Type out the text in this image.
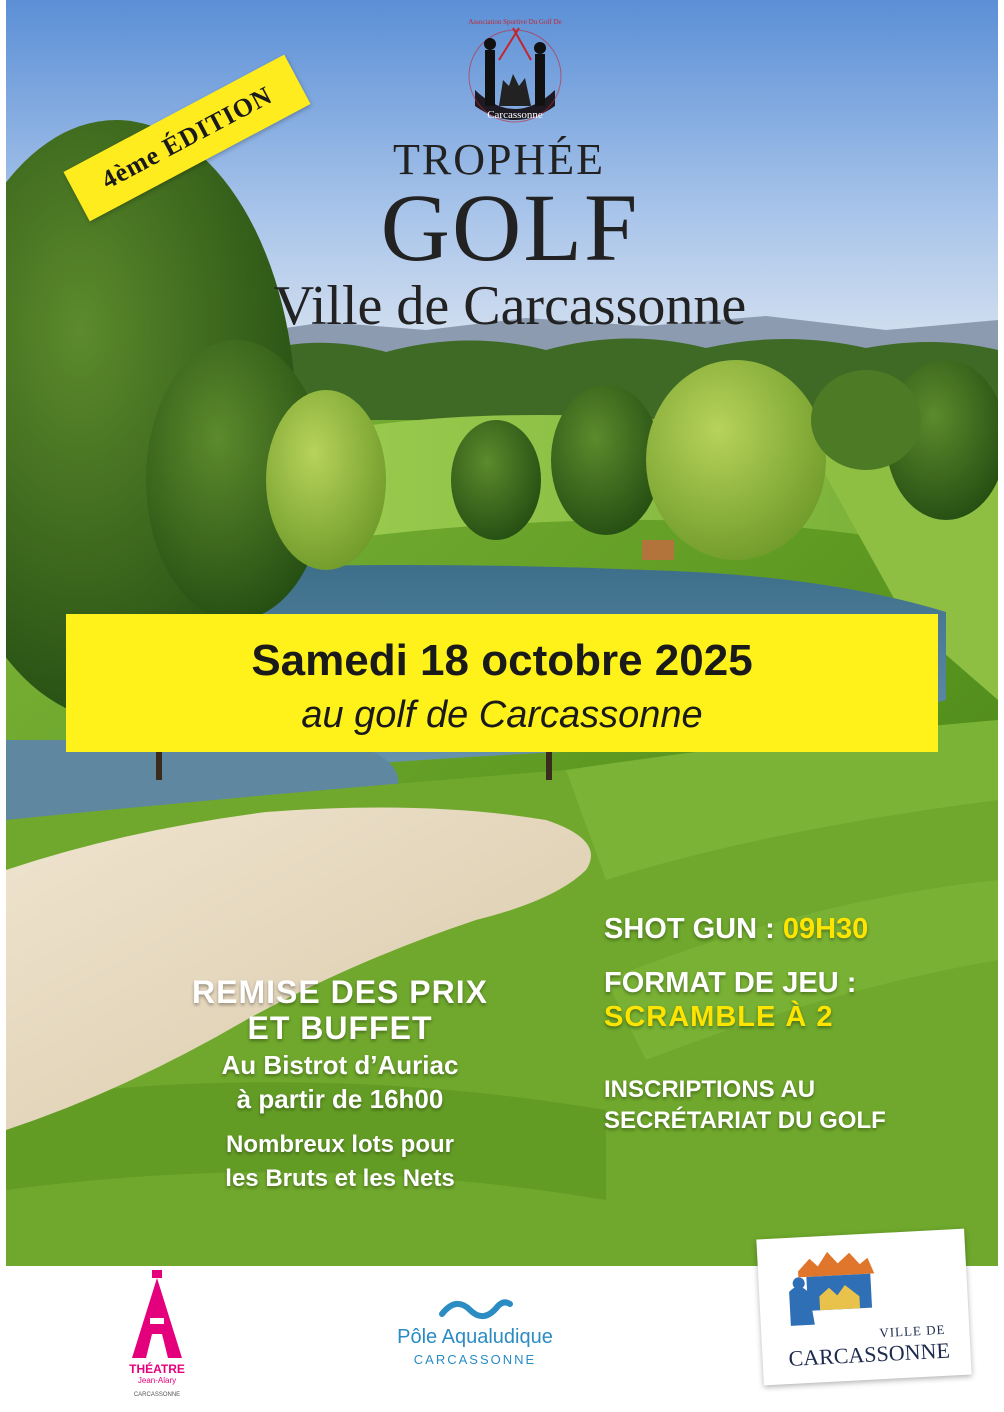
Carcassonne
Association Sportive Du Golf De
4ème ÉDITION	TROPHÉE
GOLF
Ville de Carcassonne
Samedi 18 octobre 2025
au golf de Carcassonne
REMISE DES PRIX
ET BUFFET
Au Bistrot d’Auriac
à partir de 16h00
Nombreux lots pour
les Bruts et les Nets
SHOT GUN : 09H30
FORMAT DE JEU :
SCRAMBLE À 2
INSCRIPTIONS AU
SECRÉTARIAT DU GOLF
THÉATRE
Jean-Alary
CARCASSONNE
Pôle Aqualudique
CARCASSONNE
VILLE DE
CARCASSONNE
